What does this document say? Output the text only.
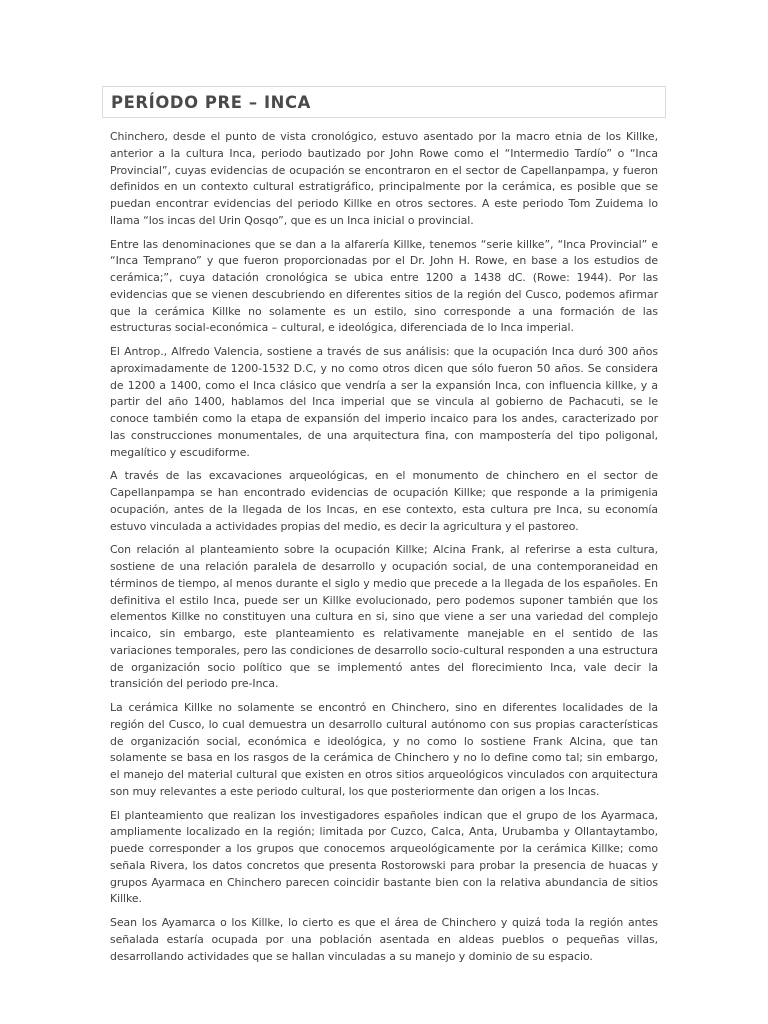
PERÍODO PRE – INCA

Chinchero, desde el punto de vista cronológico, estuvo asentado por la macro etnia de los Killke, anterior a la cultura Inca, periodo bautizado por John Rowe como el “Intermedio Tardío” o “Inca Provincial”, cuyas evidencias de ocupación se encontraron en el sector de Capellanpampa, y fueron definidos en un contexto cultural estratigráfico, principalmente por la cerámica, es posible que se puedan encontrar evidencias del periodo Killke en otros sectores. A este periodo Tom Zuidema lo llama “los incas del Urin Qosqo”, que es un Inca inicial o provincial.

Entre las denominaciones que se dan a la alfarería Killke, tenemos “serie killke”, “Inca Provincial” e “Inca Temprano” y que fueron proporcionadas por el Dr. John H. Rowe, en base a los estudios de cerámica;”, cuya datación cronológica se ubica entre 1200 a 1438 dC. (Rowe: 1944). Por las evidencias que se vienen descubriendo en diferentes sitios de la región del Cusco, podemos afirmar que la cerámica Killke no solamente es un estilo, sino corresponde a una formación de las estructuras social-económica – cultural, e ideológica, diferenciada de lo Inca imperial.

El Antrop., Alfredo Valencia, sostiene a través de sus análisis: que la ocupación Inca duró 300 años aproximadamente de 1200-1532 D.C, y no como otros dicen que sólo fueron 50 años. Se considera de 1200 a 1400, como el Inca clásico que vendría a ser la expansión Inca, con influencia killke, y a partir del año 1400, hablamos del Inca imperial que se vincula al gobierno de Pachacuti, se le conoce también como la etapa de expansión del imperio incaico para los andes, caracterizado por las construcciones monumentales, de una arquitectura fina, con mampostería del tipo poligonal, megalítico y escudiforme.

A través de las excavaciones arqueológicas, en el monumento de chinchero en el sector de Capellanpampa se han encontrado evidencias de ocupación Killke; que responde a la primigenia ocupación, antes de la llegada de los Incas, en ese contexto, esta cultura pre Inca, su economía estuvo vinculada a actividades propias del medio, es decir la agricultura y el pastoreo.

Con relación al planteamiento sobre la ocupación Killke; Alcina Frank, al referirse a esta cultura, sostiene de una relación paralela de desarrollo y ocupación social, de una contemporaneidad en términos de tiempo, al menos durante el siglo y medio que precede a la llegada de los españoles. En definitiva el estilo Inca, puede ser un Killke evolucionado, pero podemos suponer también que los elementos Killke no constituyen una cultura en si, sino que viene a ser una variedad del complejo incaico, sin embargo, este planteamiento es relativamente manejable en el sentido de las variaciones temporales, pero las condiciones de desarrollo socio-cultural responden a una estructura de organización socio político que se implementó antes del florecimiento Inca, vale decir la transición del periodo pre-Inca.

La cerámica Killke no solamente se encontró en Chinchero, sino en diferentes localidades de la región del Cusco, lo cual demuestra un desarrollo cultural autónomo con sus propias características de organización social, económica e ideológica, y no como lo sostiene Frank Alcina, que tan solamente se basa en los rasgos de la cerámica de Chinchero y no lo define como tal; sin embargo, el manejo del material cultural que existen en otros sitios arqueológicos vinculados con arquitectura son muy relevantes a este periodo cultural, los que posteriormente dan origen a los Incas.

El planteamiento que realizan los investigadores españoles indican que el grupo de los Ayarmaca, ampliamente localizado en la región; limitada por Cuzco, Calca, Anta, Urubamba y Ollantaytambo, puede corresponder a los grupos que conocemos arqueológicamente por la cerámica Killke; como señala Rivera, los datos concretos que presenta Rostorowski para probar la presencia de huacas y grupos Ayarmaca en Chinchero parecen coincidir bastante bien con la relativa abundancia de sitios Killke.

Sean los Ayamarca o los Killke, lo cierto es que el área de Chinchero y quizá toda la región antes señalada estaría ocupada por una población asentada en aldeas pueblos o pequeñas villas, desarrollando actividades que se hallan vinculadas a su manejo y dominio de su espacio.
